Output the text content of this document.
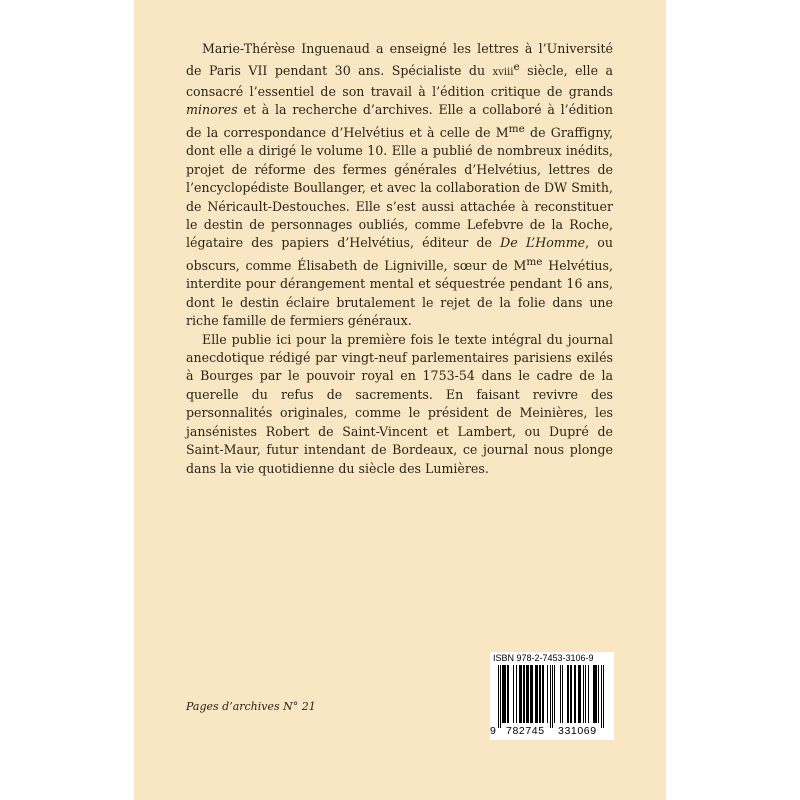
Marie-Thérèse Inguenaud a enseigné les lettres à l’Université de Paris VII pendant 30 ans. Spécialiste du xviii$^e$ siècle, elle a consacré l’essentiel de son travail à l’édition critique de grands minores et à la recherche d’archives. Elle a collaboré à l’édition de la correspondance d’Helvétius et à celle de $M^{me}$ de Graffigny, dont elle a dirigé le volume 10. Elle a publié de nombreux inédits, projet de réforme des fermes générales d’Helvétius, lettres de l’encyclopédiste Boullanger, et avec la collaboration de DW Smith, de Néricault-Destouches. Elle s’est aussi attachée à reconstituer le destin de personnages oubliés, comme Lefebvre de la Roche, légataire des papiers d’Helvétius, éditeur de De L’Homme, ou obscurs, comme Élisabeth de Ligniville, sœur de $M^{me}$ Helvétius, interdite pour dérangement mental et séquestrée pendant 16 ans, dont le destin éclaire brutalement le rejet de la folie dans une riche famille de fermiers généraux.

Elle publie ici pour la première fois le texte intégral du journal anecdotique rédigé par vingt-neuf parlementaires parisiens exilés à Bourges par le pouvoir royal en 1753-54 dans le cadre de la querelle du refus de sacrements. En faisant revivre des personnalités originales, comme le président de Meinières, les jansénistes Robert de Saint-Vincent et Lambert, ou Dupré de Saint-Maur, futur intendant de Bordeaux, ce journal nous plonge dans la vie quotidienne du siècle des Lumières.

Pages d’archives N° 21
ISBN 978-2-7453-3106-9
9 782745 331069
